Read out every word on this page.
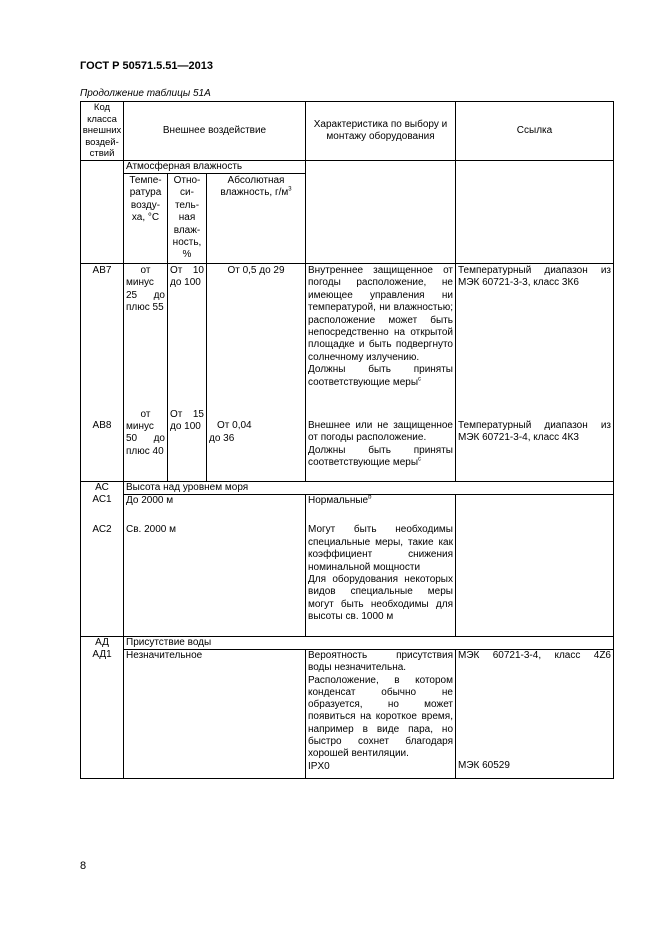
ГОСТ Р 50571.5.51—2013
Продолжение таблицы 51А
Код класса внешних воздей-ствий
Внешнее воздействие
Характеристика по выбору и монтажу оборудования
Ссылка
Атмосферная влажность
Темпе-ратура возду-ха, °С
Отно-си-тель-ная влаж-ность, %
Абсолютная влажность, $г/м^3$
АВ7
АВ8
от
минус
25 до
плюс 55
от
минус
50 до
плюс 40
От 10
до 100
От 15
до 100
От 0,5 до 29
От 0,04
до 36
Внутреннее защищенное от погоды расположение, не имеющее управления ни температурой, ни влажностью; расположение может быть непосредственно на открытой площадке и быть подвергнуто солнечному излучению.
Должны быть приняты соответствующие меры$^с$
Внешнее или не защищенное от погоды расположение.
Должны быть приняты соответствующие меры$^с$
Температурный диапазон из МЭК 60721-3-3, класс 3К6
Температурный диапазон из МЭК 60721-3-4, класс 4К3
АС
АС1
АС2
Высота над уровнем моря
До 2000 м
Св. 2000 м
Нормальные$^b$
Могут быть необходимы специальные меры, такие как коэффициент снижения номинальной мощности
Для оборудования некоторых видов специальные меры могут быть необходимы для высоты св. 1000 м
АД
АД1
Присутствие воды
Незначительное	Вероятность присутствия воды незначительна.
Расположение, в котором конденсат обычно не образуется, но может появиться на короткое время, например в виде пара, но быстро сохнет благодаря хорошей вентиляции.
IPX0
МЭК 60721-3-4, класс 4Z6
МЭК 60529
8
